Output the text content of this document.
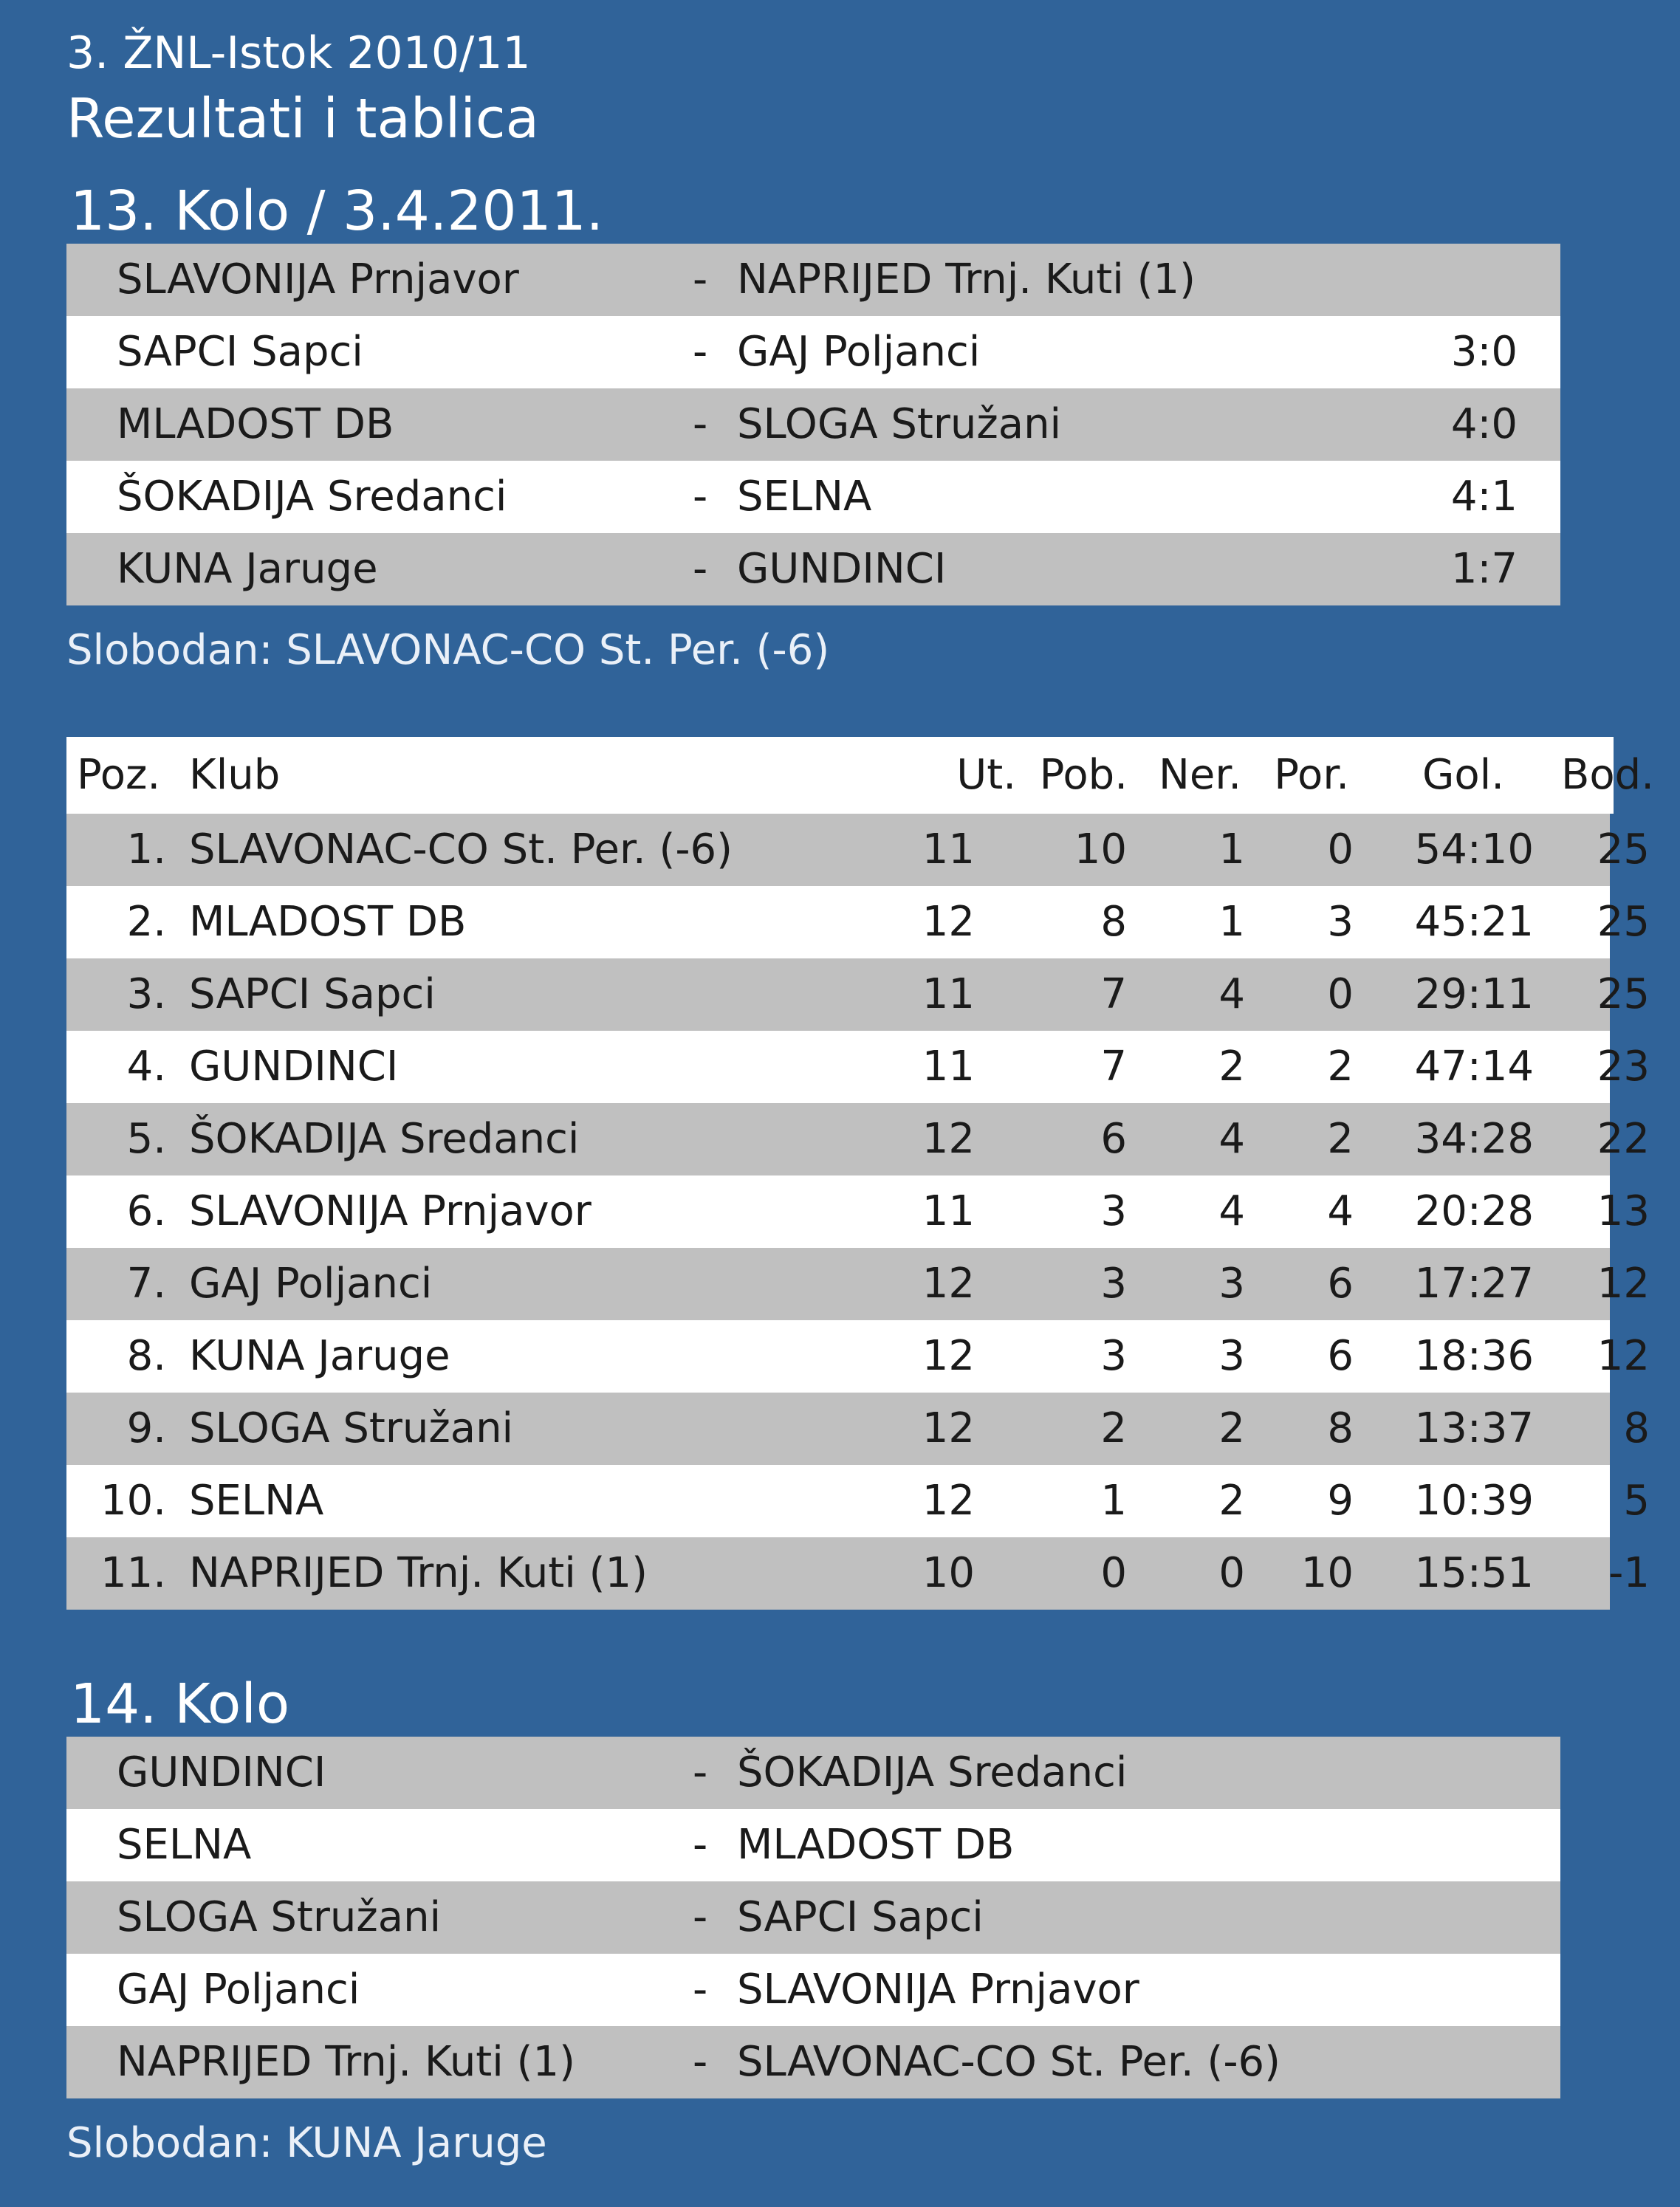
3. ŽNL-Istok 2010/11
Rezultati i tablica
13. Kolo / 3.4.2011.
SLAVONIJA Prnjavor	- NAPRIJED Trnj. Kuti (1)
SAPCI Sapci	- GAJ Poljanci	3:0
MLADOST DB	- SLOGA Stružani	4:0
ŠOKADIJA Sredanci	- SELNA	4:1
KUNA Jaruge	- GUNDINCI	1:7
Slobodan: SLAVONAC-CO St. Per. (-6)
Poz. Klub	Ut. Pob. Ner. Por.	Gol.	Bod.
1. SLAVONAC-CO St. Per. (-6)	11	10	1	0	54:10	25
2. MLADOST DB	12	8	1	3	45:21	25
3. SAPCI Sapci	11	7	4	0	29:11	25
4. GUNDINCI	11	7	2	2	47:14	23
5. ŠOKADIJA Sredanci	12	6	4	2	34:28	22
6. SLAVONIJA Prnjavor	11	3	4	4	20:28	13
7. GAJ Poljanci	12	3	3	6	17:27	12
8. KUNA Jaruge	12	3	3	6	18:36	12
9. SLOGA Stružani	12	2	2	8	13:37	8
10. SELNA	12	1	2	9	10:39	5
11. NAPRIJED Trnj. Kuti (1)	10	0	0	10	15:51	-1
14. Kolo
GUNDINCI	- ŠOKADIJA Sredanci
SELNA	- MLADOST DB
SLOGA Stružani	- SAPCI Sapci
GAJ Poljanci	- SLAVONIJA Prnjavor
NAPRIJED Trnj. Kuti (1)	- SLAVONAC-CO St. Per. (-6)
Slobodan: KUNA Jaruge
